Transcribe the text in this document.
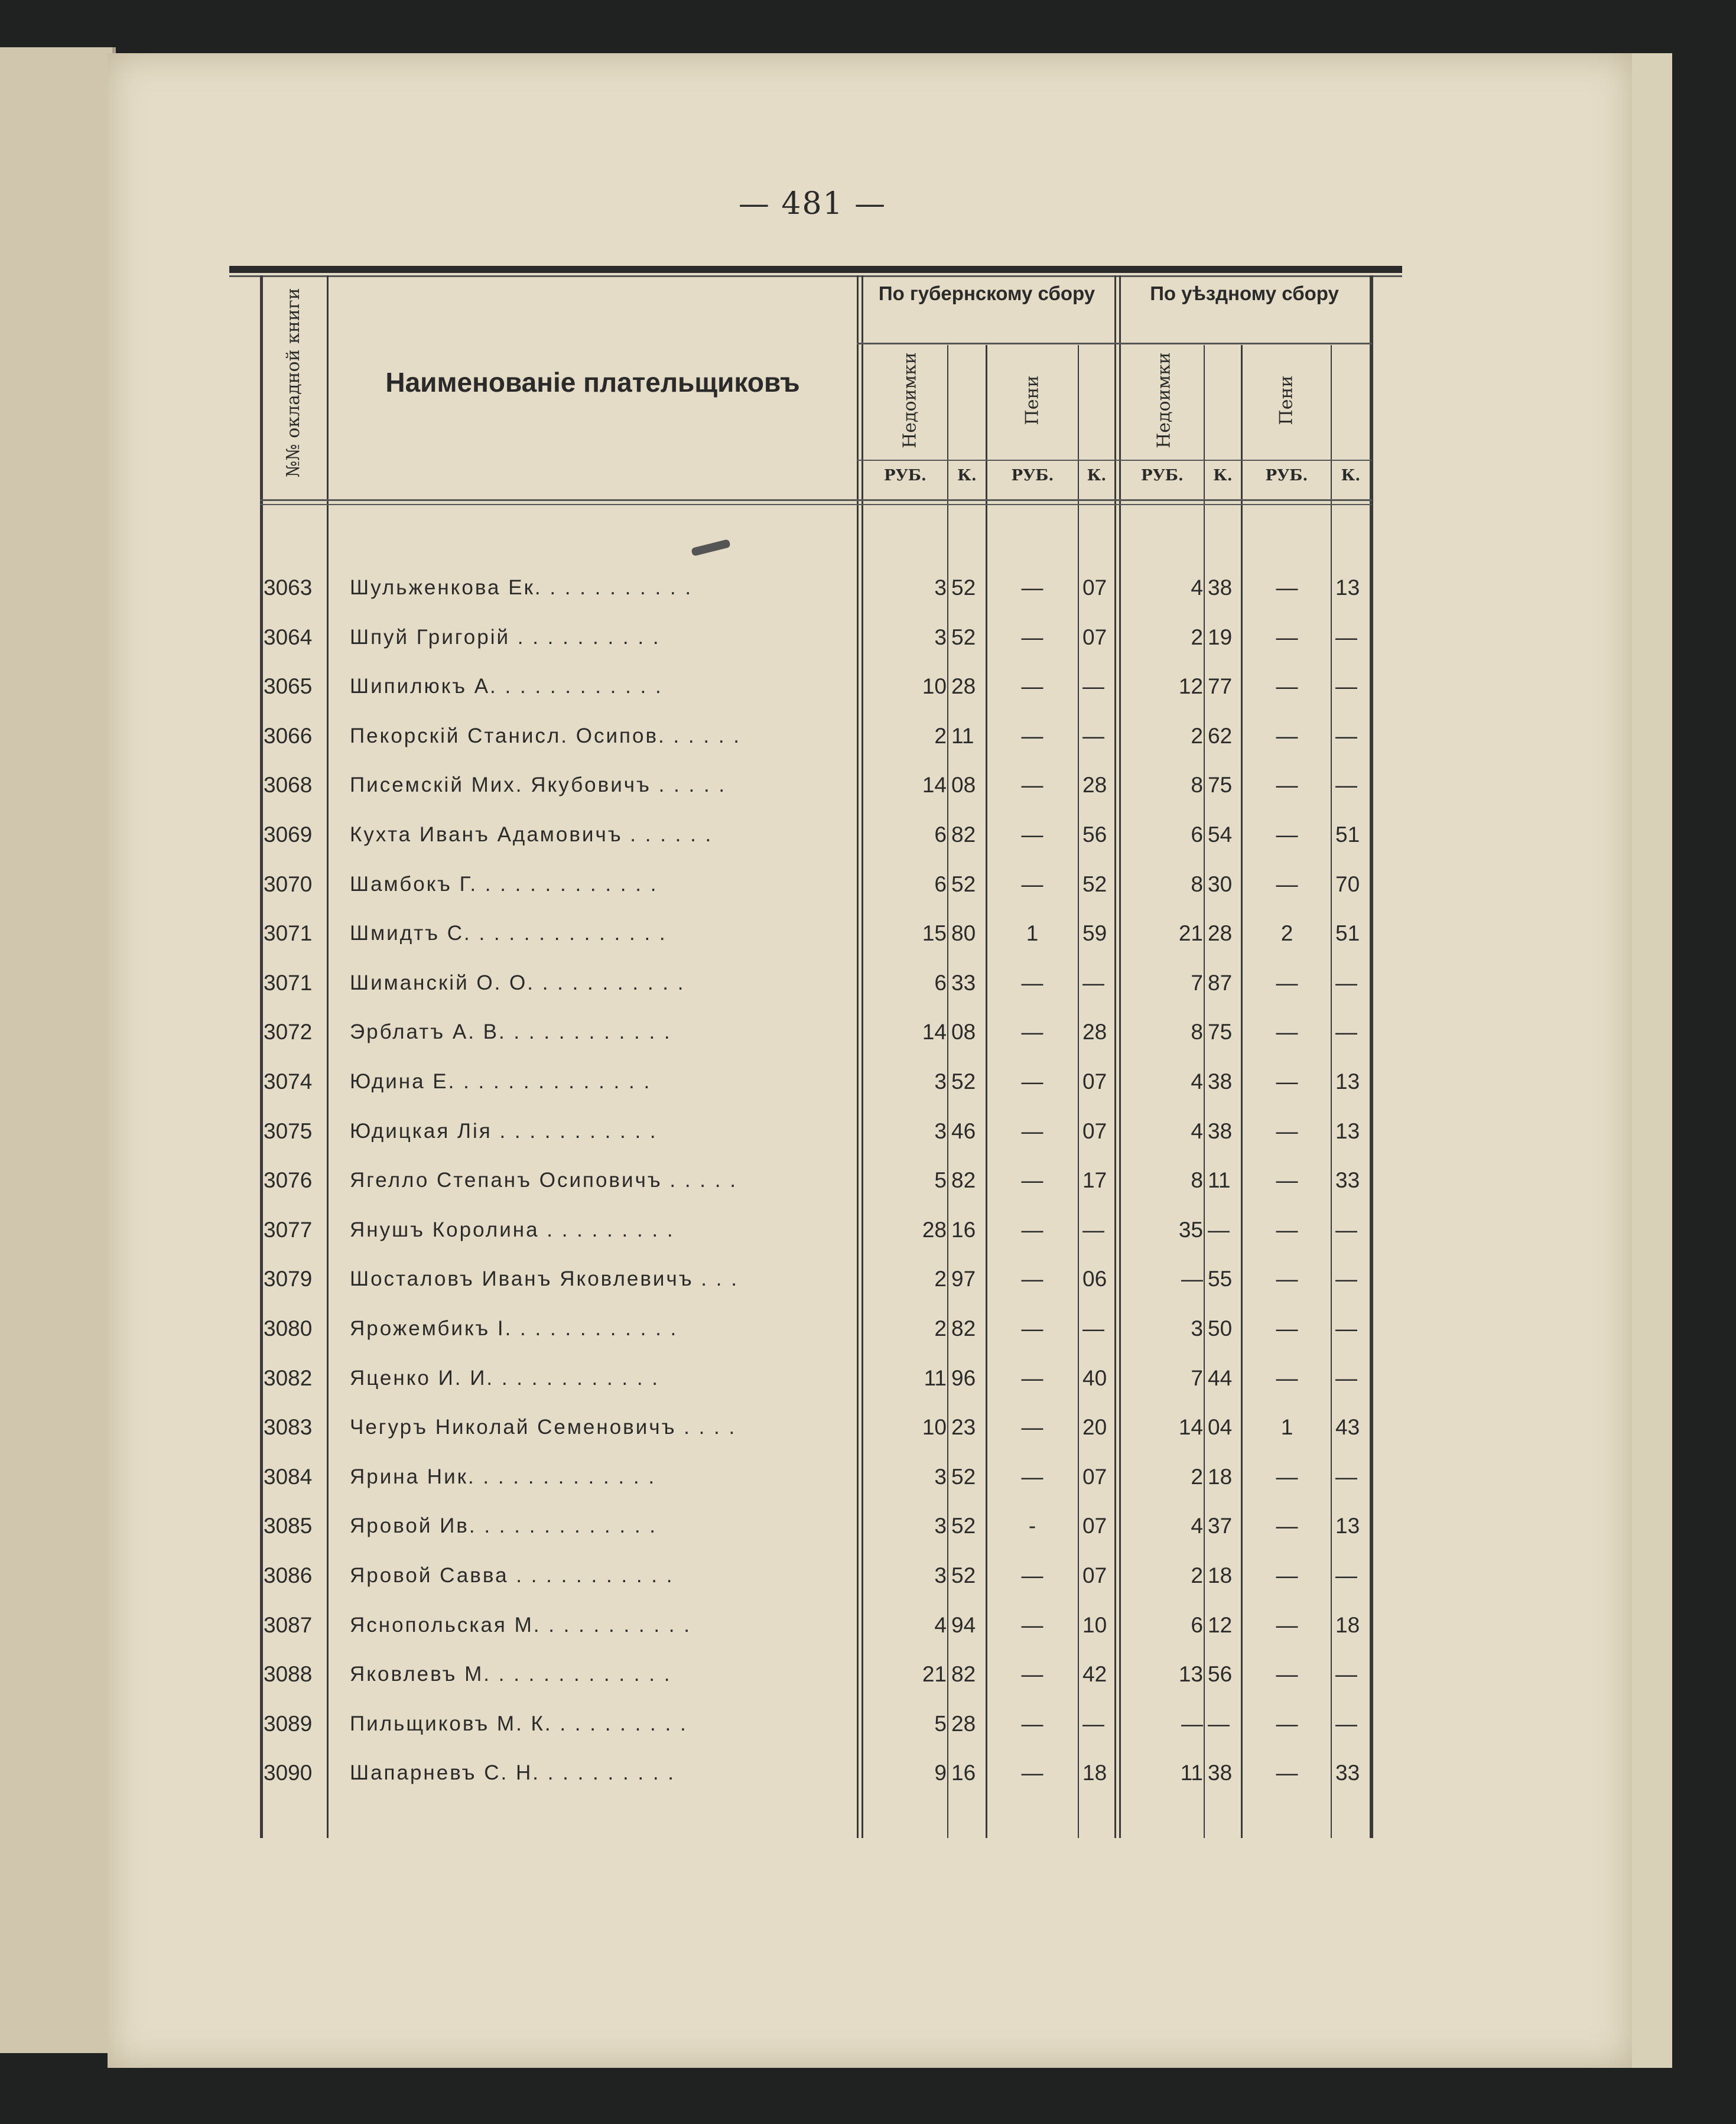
— 481 —
№№ окладной книги	Наименованіе плательщиковъ
По губернскому сбору	По уѣздному сбору
Недоимки	Пени	Недоимки	Пени
РУБ.	К.	РУБ.	К.	РУБ.	К.	РУБ.	К.
3063	Шульженкова Ек. . . . . . . . . . .	3 52	—	07	4 38	—	13
3064	Шпуй Григорій . . . . . . . . . .	3 52	—	07	2 19	—	—
3065	Шипилюкъ А. . . . . . . . . . . .	10 28	—	—	12 77	—	—
3066	Пекорскій Станисл. Осипов. . . . . .	2 11	—	—	2 62	—	—
3068	Писемскій Мих. Якубовичъ . . . . .	14 08	—	28	8 75	—	—
3069	Кухта Иванъ Адамовичъ . . . . . .	6 82	—	56	6 54	—	51
3070	Шамбокъ Г. . . . . . . . . . . . .	6 52	—	52	8 30	—	70
3071	Шмидтъ С. . . . . . . . . . . . . .	15 80	1	59	21 28	2	51
3071	Шиманскій О. О. . . . . . . . . . .	6 33	—	—	7 87	—	—
3072	Эрблатъ А. В. . . . . . . . . . . .	14 08	—	28	8 75	—	—
3074	Юдина Е. . . . . . . . . . . . . .	3 52	—	07	4 38	—	13
3075	Юдицкая Лія . . . . . . . . . . .	3 46	—	07	4 38	—	13
3076	Ягелло Степанъ Осиповичъ . . . . .	5 82	—	17	8 11	—	33
3077	Янушъ Королина . . . . . . . . .	28 16	—	—	35 —	—	—
3079	Шосталовъ Иванъ Яковлевичъ . . .	2 97	—	06	— 55	—	—
3080	Ярожембикъ І. . . . . . . . . . . .	2 82	—	—	3 50	—	—
3082	Яценко И. И. . . . . . . . . . . .	11 96	—	40	7 44	—	—
3083	Чегуръ Николай Семеновичъ . . . .	10 23	—	20	14 04	1	43
3084	Ярина Ник. . . . . . . . . . . . .	3 52	—	07	2 18	—	—
3085	Яровой Ив. . . . . . . . . . . . .	3 52	-	07	4 37	—	13
3086	Яровой Савва . . . . . . . . . . .	3 52	—	07	2 18	—	—
3087	Яснопольская М. . . . . . . . . . .	4 94	—	10	6 12	—	18
3088	Яковлевъ М. . . . . . . . . . . . .	21 82	—	42	13 56	—	—
3089	Пильщиковъ М. К. . . . . . . . . .	5 28	—	—	— —	—	—
3090	Шапарневъ С. Н. . . . . . . . . .	9 16	—	18	11 38	—	33
